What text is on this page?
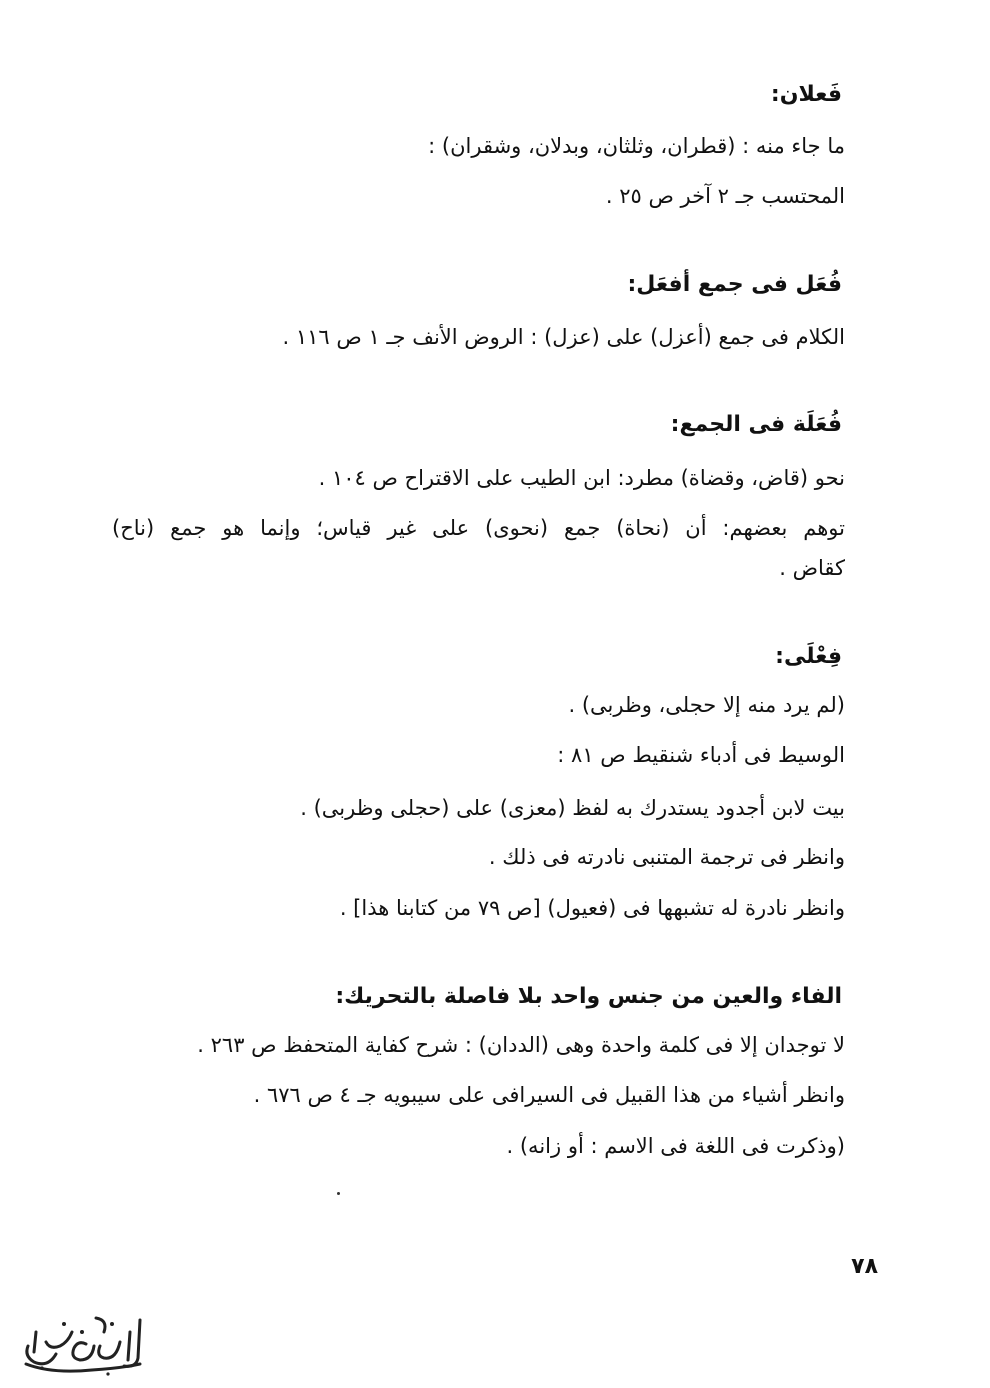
فَعلان:
ما جاء منه : (قطران، وثلثان، وبدلان، وشقران) :
المحتسب جـ ٢ آخر ص ٢٥ .
فُعَل فى جمع أفعَل:
الكلام فى جمع (أعزل) على (عزل) : الروض الأنف جـ ١ ص ١١٦ .
فُعَلَة فى الجمع:
نحو (قاض، وقضاة) مطرد: ابن الطيب على الاقتراح ص ١٠٤ .
توهم بعضهم: أن (نحاة) جمع (نحوى) على غير قياس؛ وإنما هو جمع (ناح)
كقاض .
فِعْلَى:
(لم يرد منه إلا حجلى، وظربى) .
الوسيط فى أدباء شنقيط ص ٨١ :
بيت لابن أجدود يستدرك به لفظ (معزى) على (حجلى وظربى) .
وانظر فى ترجمة المتنبى نادرته فى ذلك .
وانظر نادرة له تشبهها فى (فعيول) [ص ٧٩ من كتابنا هذا] .
الفاء والعين من جنس واحد بلا فاصلة بالتحريك:
لا توجدان إلا فى كلمة واحدة وهى (الددان) : شرح كفاية المتحفظ ص ٢٦٣ .
وانظر أشياء من هذا القبيل فى السيرافى على سيبويه جـ ٤ ص ٦٧٦ .
(وذكرت فى اللغة فى الاسم : أو زانه) .
٧٨
